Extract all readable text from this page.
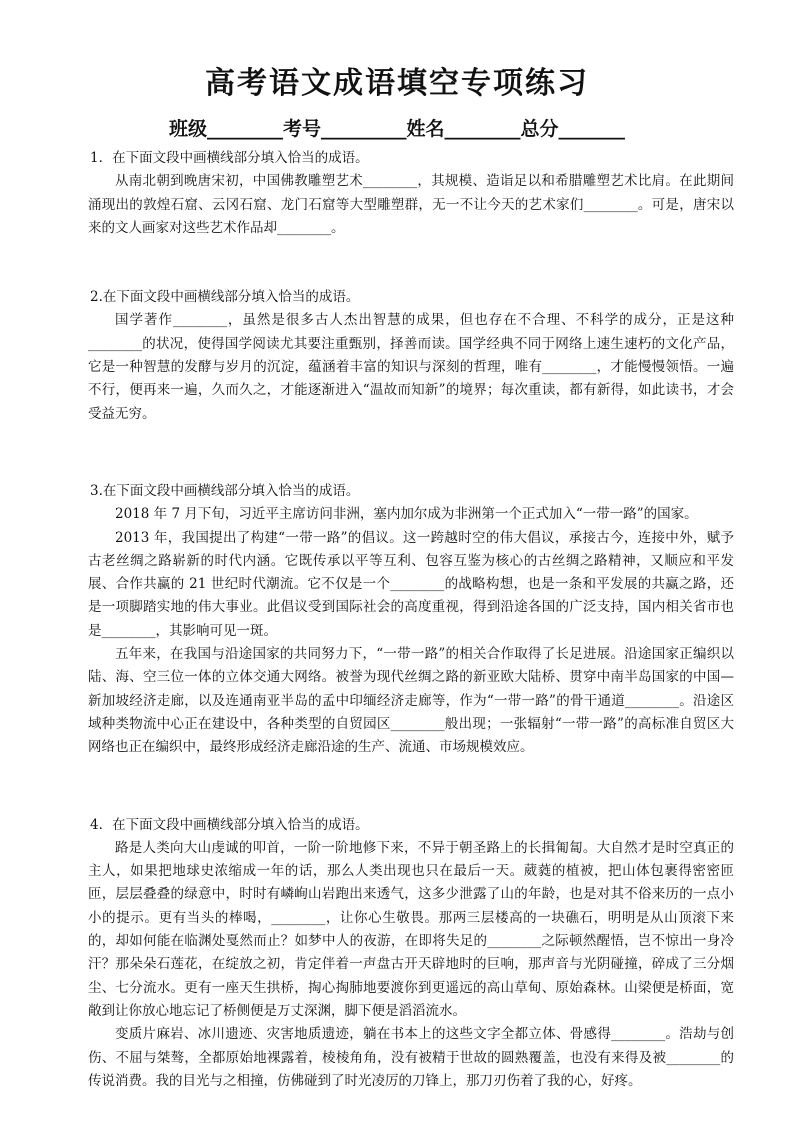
高考语文成语填空专项练习
班级________考号_________姓名________总分_______

1．在下面文段中画横线部分填入恰当的成语。

从南北朝到晚唐宋初，中国佛教雕塑艺术________，其规模、造诣足以和希腊雕塑艺术比肩。在此期间涌现出的敦煌石窟、云冈石窟、龙门石窟等大型雕塑群，无一不让今天的艺术家们________。可是，唐宋以来的文人画家对这些艺术作品却________。

2.在下面文段中画横线部分填入恰当的成语。

国学著作________，虽然是很多古人杰出智慧的成果，但也存在不合理、不科学的成分，正是这种________的状况，使得国学阅读尤其要注重甄别，择善而读。国学经典不同于网络上速生速朽的文化产品，它是一种智慧的发酵与岁月的沉淀，蕴涵着丰富的知识与深刻的哲理，唯有________，才能慢慢领悟。一遍不行，便再来一遍，久而久之，才能逐渐进入“温故而知新”的境界；每次重读，都有新得，如此读书，才会受益无穷。

3.在下面文段中画横线部分填入恰当的成语。

2018 年 7 月下旬，习近平主席访问非洲，塞内加尔成为非洲第一个正式加入“一带一路”的国家。

2013 年，我国提出了构建“一带一路”的倡议。这一跨越时空的伟大倡议，承接古今，连接中外，赋予古老丝绸之路崭新的时代内涵。它既传承以平等互利、包容互鉴为核心的古丝绸之路精神，又顺应和平发展、合作共赢的 21 世纪时代潮流。它不仅是一个________的战略构想，也是一条和平发展的共赢之路，还是一项脚踏实地的伟大事业。此倡议受到国际社会的高度重视，得到沿途各国的广泛支持，国内相关省市也是________，其影响可见一斑。

五年来，在我国与沿途国家的共同努力下，“一带一路”的相关合作取得了长足进展。沿途国家正编织以陆、海、空三位一体的立体交通大网络。被誉为现代丝绸之路的新亚欧大陆桥、贯穿中南半岛国家的中国—新加坡经济走廊，以及连通南亚半岛的孟中印缅经济走廊等，作为“一带一路”的骨干通道________。沿途区域种类物流中心正在建设中，各种类型的自贸园区________般出现；一张辐射“一带一路”的高标准自贸区大网络也正在编织中，最终形成经济走廊沿途的生产、流通、市场规模效应。

4．在下面文段中画横线部分填入恰当的成语。

路是人类向大山虔诚的叩首，一阶一阶地修下来，不异于朝圣路上的长揖匍匐。大自然才是时空真正的主人，如果把地球史浓缩成一年的话，那么人类出现也只在最后一天。葳蕤的植被，把山体包裹得密密匝匝，层层叠叠的绿意中，时时有嶙峋山岩跑出来透气，这多少泄露了山的年龄，也是对其不俗来历的一点小小的提示。更有当头的棒喝，________，让你心生敬畏。那两三层楼高的一块礁石，明明是从山顶滚下来的，却如何能在临渊处戛然而止？如梦中人的夜游，在即将失足的________之际顿然醒悟，岂不惊出一身冷汗？那朵朵石莲花，在绽放之初，肯定伴着一声盘古开天辟地时的巨响，那声音与光阴碰撞，碎成了三分烟尘、七分流水。更有一座天生拱桥，掏心掏肺地要渡你到更遥远的高山草甸、原始森林。山梁便是桥面，宽敞到让你放心地忘记了桥侧便是万丈深渊，脚下便是滔滔流水。

变质片麻岩、冰川遗迹、灾害地质遗迹，躺在书本上的这些文字全都立体、骨感得________。浩劫与创伤、不屈与桀骜，全都原始地裸露着，棱棱角角，没有被精于世故的圆熟覆盖，也没有来得及被________的传说消费。我的目光与之相撞，仿佛碰到了时光凌厉的刀锋上，那刀刃伤着了我的心，好疼。
